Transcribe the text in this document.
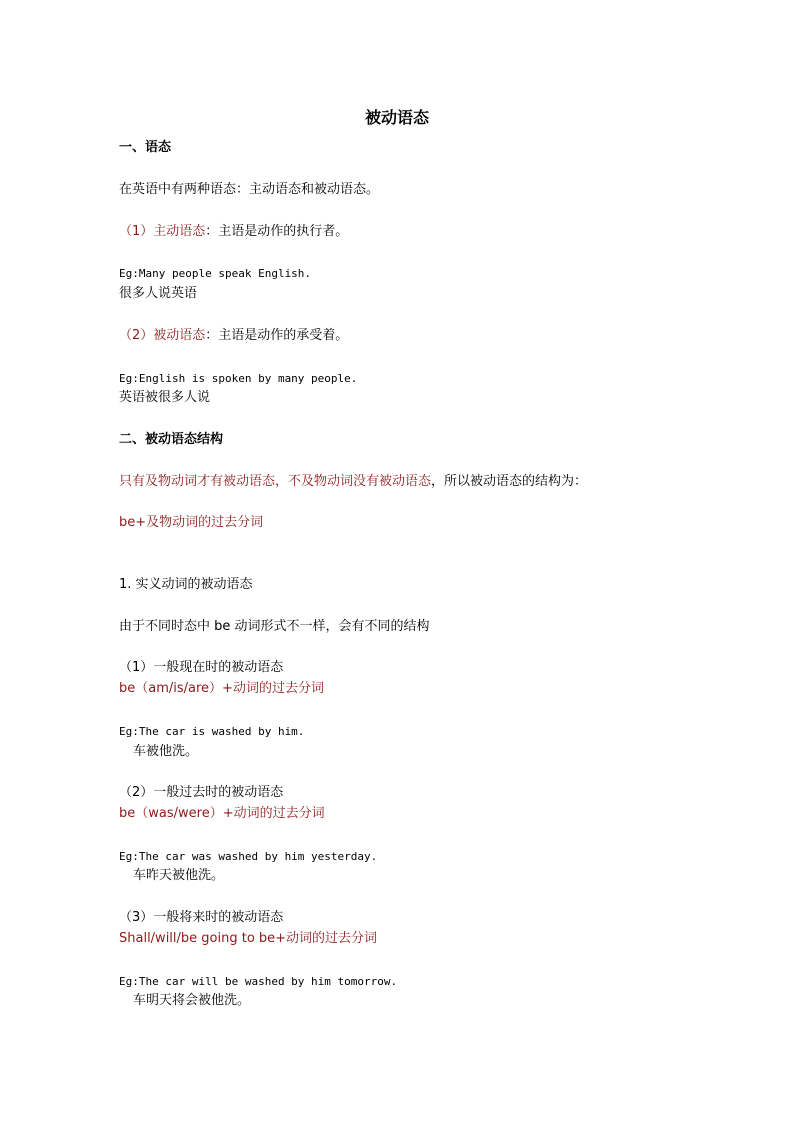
被动语态
一、语态
在英语中有两种语态：主动语态和被动语态。
（1）主动语态：主语是动作的执行者。
Eg:Many people speak English.
很多人说英语
（2）被动语态：主语是动作的承受着。
Eg:English is spoken by many people.
英语被很多人说
二、被动语态结构
只有及物动词才有被动语态，不及物动词没有被动语态，所以被动语态的结构为：
be+及物动词的过去分词
1. 实义动词的被动语态
由于不同时态中 be 动词形式不一样，会有不同的结构
（1）一般现在时的被动语态
be（am/is/are）+动词的过去分词
Eg:The car is washed by him.
车被他洗。
（2）一般过去时的被动语态
be（was/were）+动词的过去分词
Eg:The car was washed by him yesterday.
车昨天被他洗。
（3）一般将来时的被动语态
Shall/will/be going to be+动词的过去分词
Eg:The car will be washed by him tomorrow.
车明天将会被他洗。
